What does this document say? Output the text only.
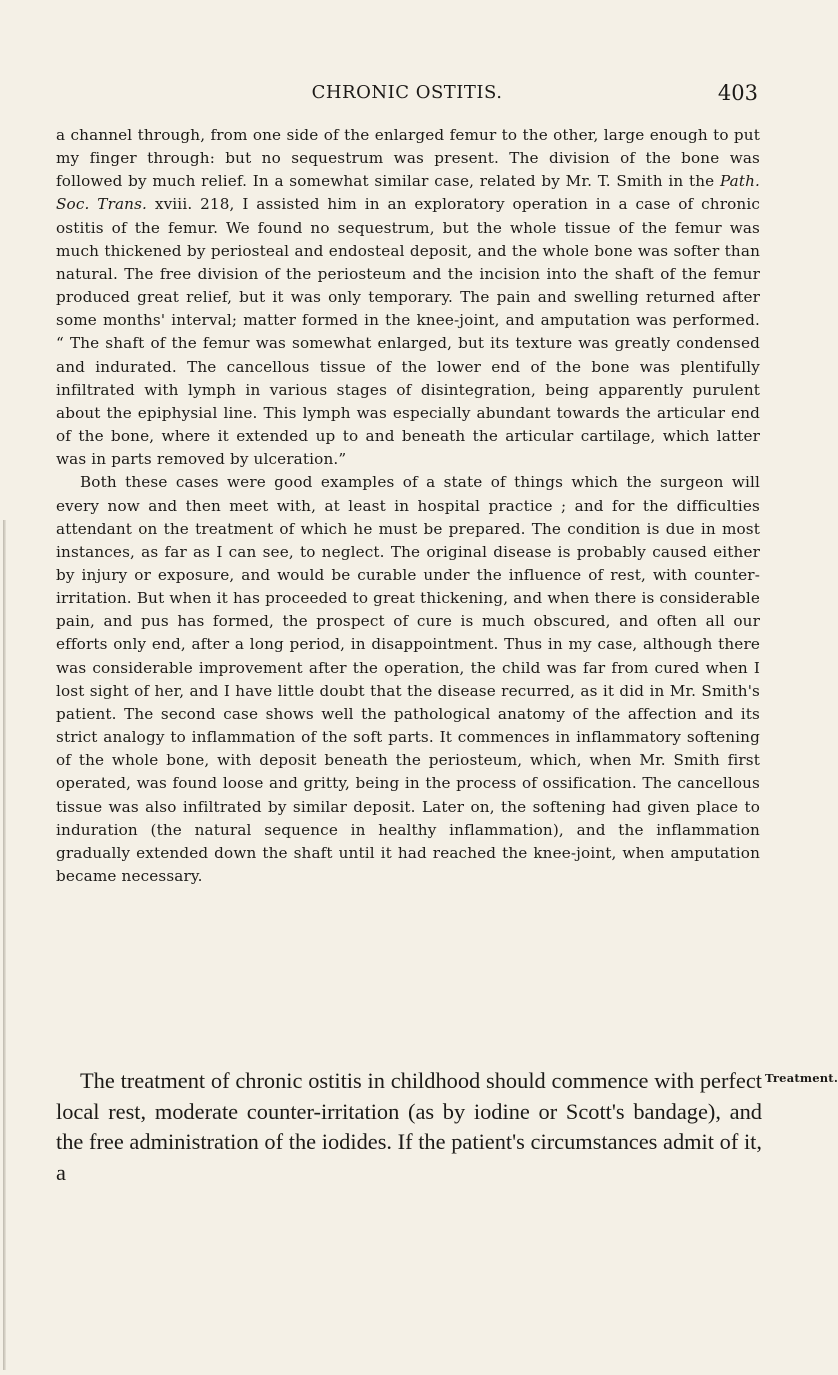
CHRONIC OSTITIS.	403

a channel through, from one side of the enlarged femur to the other, large enough to put my finger through: but no sequestrum was present. The division of the bone was followed by much relief. In a somewhat similar case, related by Mr. T. Smith in the Path. Soc. Trans. xviii. 218, I assisted him in an exploratory operation in a case of chronic ostitis of the femur. We found no sequestrum, but the whole tissue of the femur was much thickened by periosteal and endosteal deposit, and the whole bone was softer than natural. The free division of the periosteum and the incision into the shaft of the femur produced great relief, but it was only temporary. The pain and swelling returned after some months' interval; matter formed in the knee-joint, and amputation was performed. “ The shaft of the femur was somewhat enlarged, but its texture was greatly condensed and indurated. The cancellous tissue of the lower end of the bone was plentifully infiltrated with lymph in various stages of disintegration, being apparently purulent about the epiphysial line. This lymph was especially abundant towards the articular end of the bone, where it extended up to and beneath the articular cartilage, which latter was in parts removed by ulceration.”

Both these cases were good examples of a state of things which the surgeon will every now and then meet with, at least in hospital practice ; and for the difficulties attendant on the treatment of which he must be prepared. The condition is due in most instances, as far as I can see, to neglect. The original disease is probably caused either by injury or exposure, and would be curable under the influence of rest, with counter-irritation. But when it has proceeded to great thickening, and when there is considerable pain, and pus has formed, the prospect of cure is much obscured, and often all our efforts only end, after a long period, in disappointment. Thus in my case, although there was considerable improvement after the operation, the child was far from cured when I lost sight of her, and I have little doubt that the disease recurred, as it did in Mr. Smith's patient. The second case shows well the pathological anatomy of the affection and its strict analogy to inflammation of the soft parts. It commences in inflammatory softening of the whole bone, with deposit beneath the periosteum, which, when Mr. Smith first operated, was found loose and gritty, being in the process of ossification. The cancellous tissue was also infiltrated by similar deposit. Later on, the softening had given place to induration (the natural sequence in healthy inflammation), and the inflammation gradually extended down the shaft until it had reached the knee-joint, when amputation became necessary.

The treatment of chronic ostitis in childhood should commence with perfect local rest, moderate counter-irritation (as by iodine or Scott's bandage), and the free administration of the iodides. If the patient's circumstances admit of it, a

Treatment.
